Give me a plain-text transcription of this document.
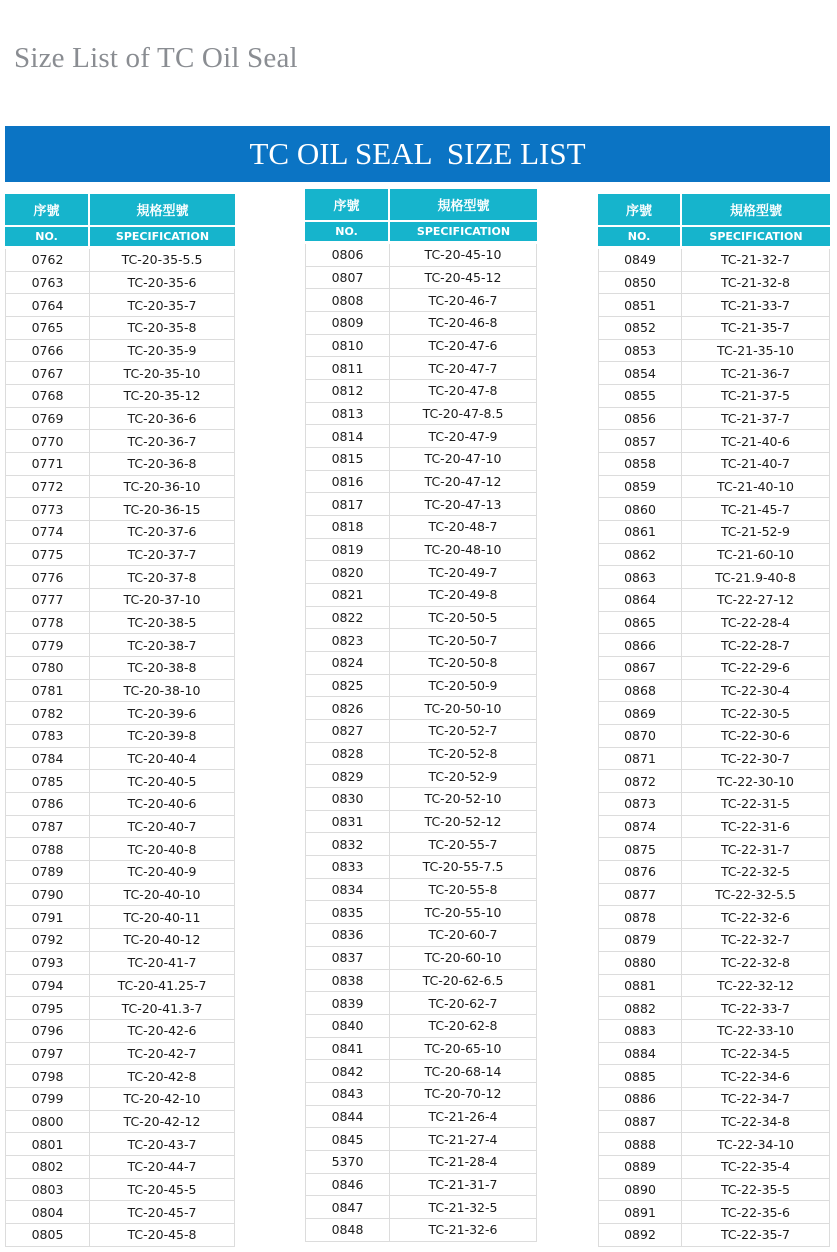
Size List of TC Oil Seal
TC OIL SEAL  SIZE LIST
序號	規格型號
NO.	SPECIFICATION
0762	TC-20-35-5.5
0763	TC-20-35-6
0764	TC-20-35-7
0765	TC-20-35-8
0766	TC-20-35-9
0767	TC-20-35-10
0768	TC-20-35-12
0769	TC-20-36-6
0770	TC-20-36-7
0771	TC-20-36-8
0772	TC-20-36-10
0773	TC-20-36-15
0774	TC-20-37-6
0775	TC-20-37-7
0776	TC-20-37-8
0777	TC-20-37-10
0778	TC-20-38-5
0779	TC-20-38-7
0780	TC-20-38-8
0781	TC-20-38-10
0782	TC-20-39-6
0783	TC-20-39-8
0784	TC-20-40-4
0785	TC-20-40-5
0786	TC-20-40-6
0787	TC-20-40-7
0788	TC-20-40-8
0789	TC-20-40-9
0790	TC-20-40-10
0791	TC-20-40-11
0792	TC-20-40-12
0793	TC-20-41-7
0794	TC-20-41.25-7
0795	TC-20-41.3-7
0796	TC-20-42-6
0797	TC-20-42-7
0798	TC-20-42-8
0799	TC-20-42-10
0800	TC-20-42-12
0801	TC-20-43-7
0802	TC-20-44-7
0803	TC-20-45-5
0804	TC-20-45-7
0805	TC-20-45-8
序號	規格型號
NO.	SPECIFICATION
0806	TC-20-45-10
0807	TC-20-45-12
0808	TC-20-46-7
0809	TC-20-46-8
0810	TC-20-47-6
0811	TC-20-47-7
0812	TC-20-47-8
0813	TC-20-47-8.5
0814	TC-20-47-9
0815	TC-20-47-10
0816	TC-20-47-12
0817	TC-20-47-13
0818	TC-20-48-7
0819	TC-20-48-10
0820	TC-20-49-7
0821	TC-20-49-8
0822	TC-20-50-5
0823	TC-20-50-7
0824	TC-20-50-8
0825	TC-20-50-9
0826	TC-20-50-10
0827	TC-20-52-7
0828	TC-20-52-8
0829	TC-20-52-9
0830	TC-20-52-10
0831	TC-20-52-12
0832	TC-20-55-7
0833	TC-20-55-7.5
0834	TC-20-55-8
0835	TC-20-55-10
0836	TC-20-60-7
0837	TC-20-60-10
0838	TC-20-62-6.5
0839	TC-20-62-7
0840	TC-20-62-8
0841	TC-20-65-10
0842	TC-20-68-14
0843	TC-20-70-12
0844	TC-21-26-4
0845	TC-21-27-4
5370	TC-21-28-4
0846	TC-21-31-7
0847	TC-21-32-5
0848	TC-21-32-6
序號	規格型號
NO.	SPECIFICATION
0849	TC-21-32-7
0850	TC-21-32-8
0851	TC-21-33-7
0852	TC-21-35-7
0853	TC-21-35-10
0854	TC-21-36-7
0855	TC-21-37-5
0856	TC-21-37-7
0857	TC-21-40-6
0858	TC-21-40-7
0859	TC-21-40-10
0860	TC-21-45-7
0861	TC-21-52-9
0862	TC-21-60-10
0863	TC-21.9-40-8
0864	TC-22-27-12
0865	TC-22-28-4
0866	TC-22-28-7
0867	TC-22-29-6
0868	TC-22-30-4
0869	TC-22-30-5
0870	TC-22-30-6
0871	TC-22-30-7
0872	TC-22-30-10
0873	TC-22-31-5
0874	TC-22-31-6
0875	TC-22-31-7
0876	TC-22-32-5
0877	TC-22-32-5.5
0878	TC-22-32-6
0879	TC-22-32-7
0880	TC-22-32-8
0881	TC-22-32-12
0882	TC-22-33-7
0883	TC-22-33-10
0884	TC-22-34-5
0885	TC-22-34-6
0886	TC-22-34-7
0887	TC-22-34-8
0888	TC-22-34-10
0889	TC-22-35-4
0890	TC-22-35-5
0891	TC-22-35-6
0892	TC-22-35-7
